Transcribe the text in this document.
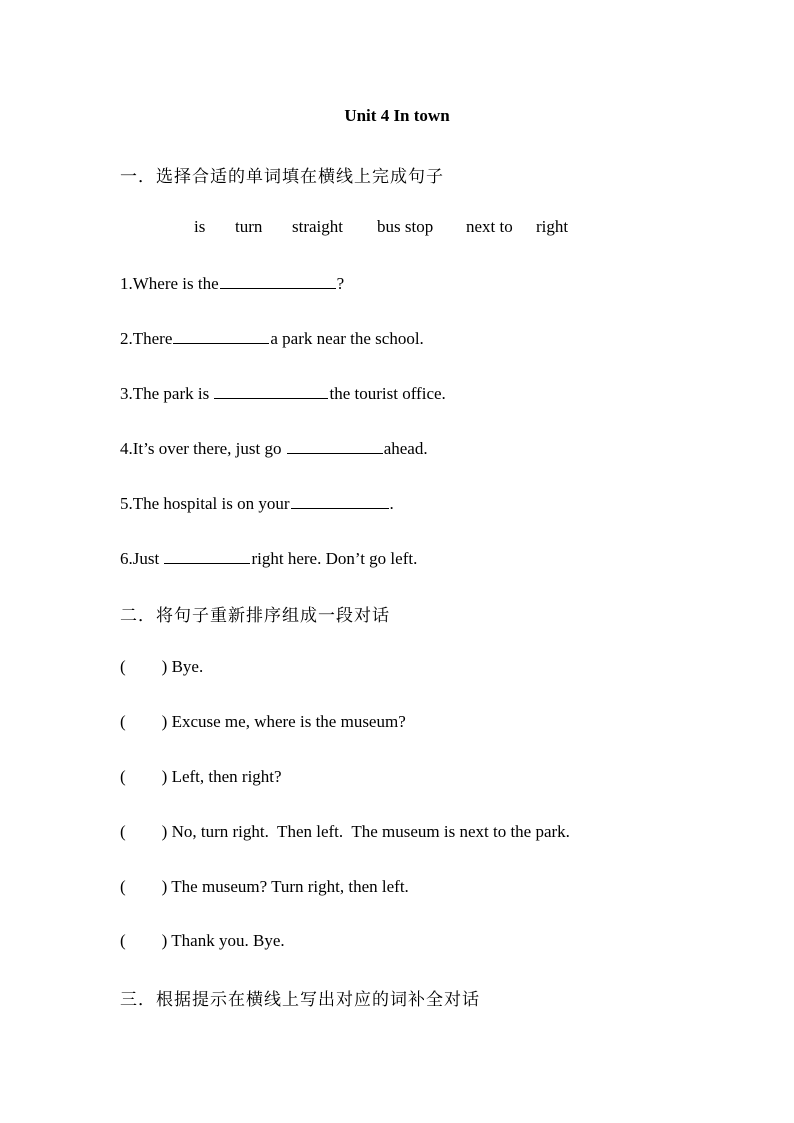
Unit 4 In town
一．选择合适的单词填在横线上完成句子
is turn straight bus stop next to right
1.Where is the	?
2.There	a park near the school.
3.The park is	the tourist office.
4.It’s over there, just go	ahead.
5.The hospital is on your	.
6.Just	right here. Don’t go left.
二．将句子重新排序组成一段对话
( ) Bye.
( ) Excuse me, where is the museum?
( ) Left, then right?
( ) No, turn right.  Then left.  The museum is next to the park.
( ) The museum? Turn right, then left.
( ) Thank you. Bye.
三．根据提示在横线上写出对应的词补全对话
